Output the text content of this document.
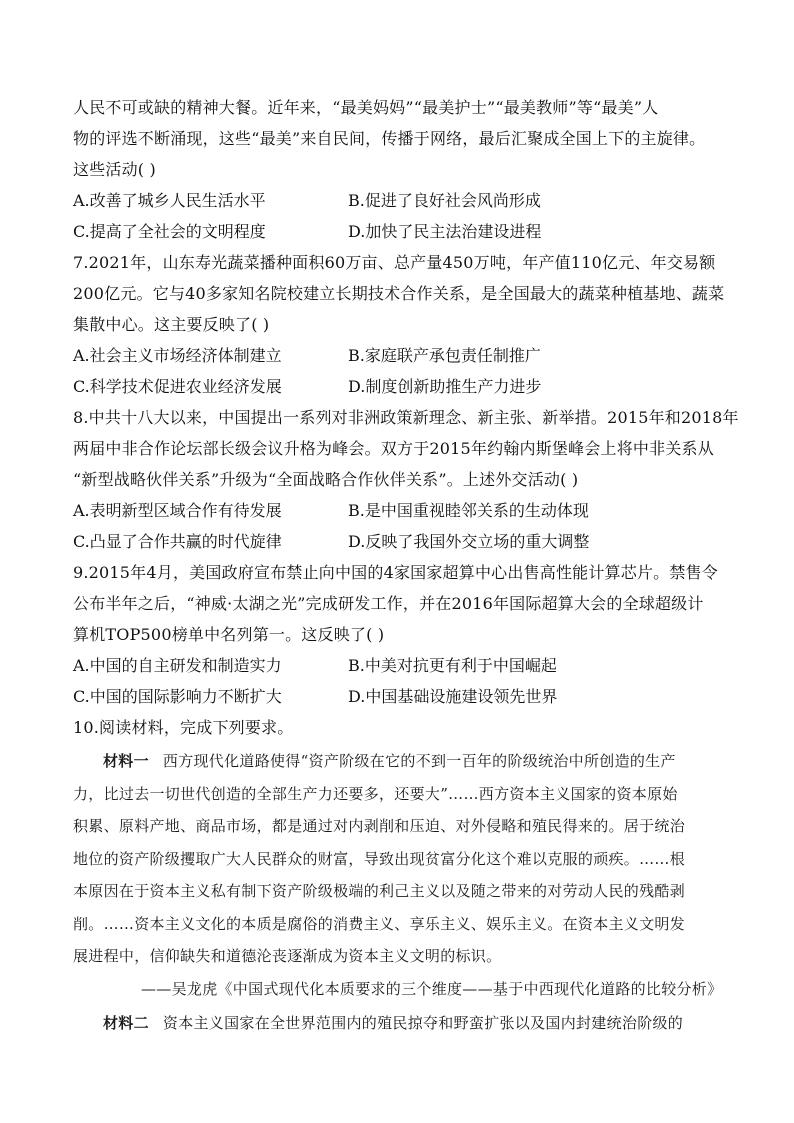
人民不可或缺的精神大餐。近年来，“最美妈妈”“最美护士”“最美教师”等“最美”人
物的评选不断涌现，这些“最美”来自民间，传播于网络，最后汇聚成全国上下的主旋律。
这些活动( )
A.改善了城乡人民生活水平	B.促进了良好社会风尚形成
C.提高了全社会的文明程度	D.加快了民主法治建设进程
7.2021年，山东寿光蔬菜播种面积60万亩、总产量450万吨，年产值110亿元、年交易额
200亿元。它与40多家知名院校建立长期技术合作关系，是全国最大的蔬菜种植基地、蔬菜
集散中心。这主要反映了( )
A.社会主义市场经济体制建立	B.家庭联产承包责任制推广
C.科学技术促进农业经济发展	D.制度创新助推生产力进步
8.中共十八大以来，中国提出一系列对非洲政策新理念、新主张、新举措。2015年和2018年
两届中非合作论坛部长级会议升格为峰会。双方于2015年约翰内斯堡峰会上将中非关系从
“新型战略伙伴关系”升级为“全面战略合作伙伴关系”。上述外交活动( )
A.表明新型区域合作有待发展	B.是中国重视睦邻关系的生动体现
C.凸显了合作共赢的时代旋律	D.反映了我国外交立场的重大调整
9.2015年4月，美国政府宣布禁止向中国的4家国家超算中心出售高性能计算芯片。禁售令
公布半年之后，“神威·太湖之光”完成研发工作，并在2016年国际超算大会的全球超级计
算机TOP500榜单中名列第一。这反映了( )
A.中国的自主研发和制造实力	B.中美对抗更有利于中国崛起
C.中国的国际影响力不断扩大	D.中国基础设施建设领先世界
10.阅读材料，完成下列要求。
材料一 西方现代化道路使得“资产阶级在它的不到一百年的阶级统治中所创造的生产
力，比过去一切世代创造的全部生产力还要多，还要大”……西方资本主义国家的资本原始
积累、原料产地、商品市场，都是通过对内剥削和压迫、对外侵略和殖民得来的。居于统治
地位的资产阶级攫取广大人民群众的财富，导致出现贫富分化这个难以克服的顽疾。……根
本原因在于资本主义私有制下资产阶级极端的利己主义以及随之带来的对劳动人民的残酷剥
削。……资本主义文化的本质是腐俗的消费主义、享乐主义、娱乐主义。在资本主义文明发
展进程中，信仰缺失和道德沦丧逐渐成为资本主义文明的标识。
——吴龙虎《中国式现代化本质要求的三个维度——基于中西现代化道路的比较分析》
材料二 资本主义国家在全世界范围内的殖民掠夺和野蛮扩张以及国内封建统治阶级的
